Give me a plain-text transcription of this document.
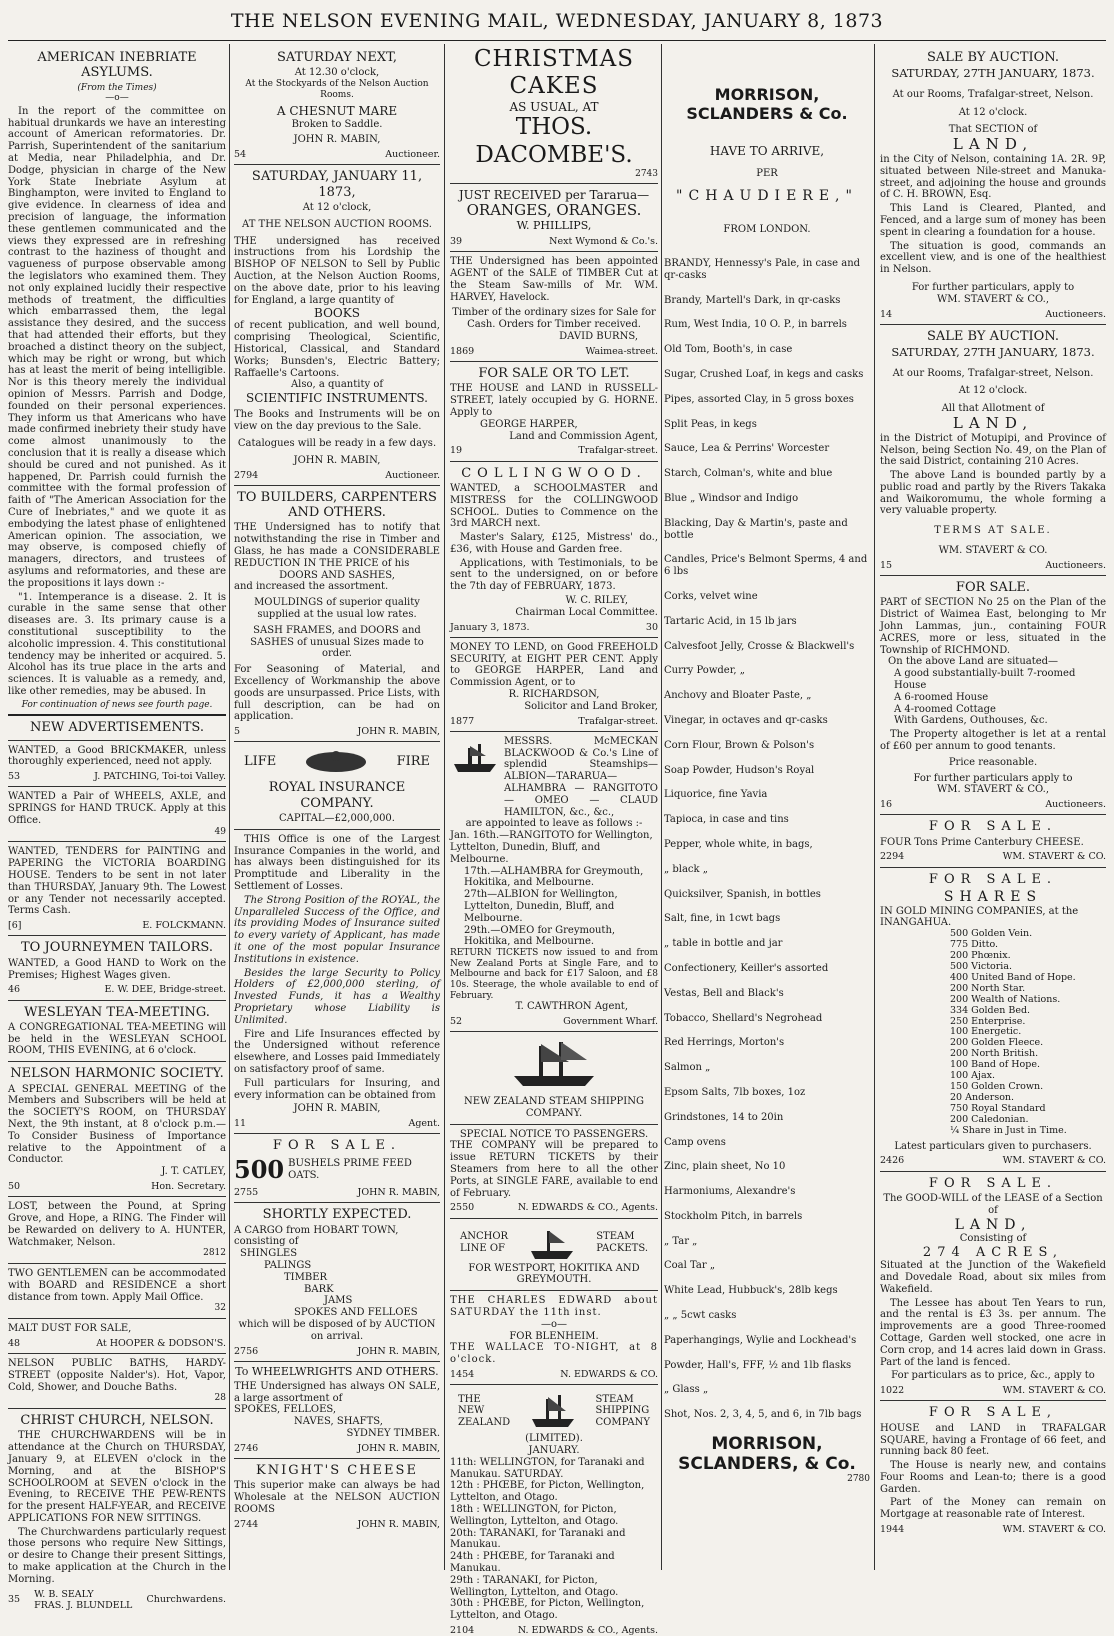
THE NELSON EVENING MAIL, WEDNESDAY, JANUARY 8, 1873
AMERICAN INEBRIATE ASYLUMS.
(From the Times)
—o—
In the report of the committee on habitual drunkards we have an interesting account of American reformatories. Dr. Parrish, Superintendent of the sanitarium at Media, near Philadelphia, and Dr. Dodge, physician in charge of the New York State Inebriate Asylum at Binghampton, were invited to England to give evidence. In clearness of idea and precision of language, the information these gentlemen communicated and the views they expressed are in refreshing contrast to the haziness of thought and vagueness of purpose observable among the legislators who examined them. They not only explained lucidly their respective methods of treatment, the difficulties which embarrassed them, the legal assistance they desired, and the success that had attended their efforts, but they broached a distinct theory on the subject, which may be right or wrong, but which has at least the merit of being intelligible. Nor is this theory merely the individual opinion of Messrs. Parrish and Dodge, founded on their personal experiences. They inform us that Americans who have made confirmed inebriety their study have come almost unanimously to the conclusion that it is really a disease which should be cured and not punished. As it happened, Dr. Parrish could furnish the committee with the formal profession of faith of "The American Association for the Cure of Inebriates," and we quote it as embodying the latest phase of enlightened American opinion. The association, we may observe, is composed chiefly of managers, directors, and trustees of asylums and reformatories, and these are the propositions it lays down :-
"1. Intemperance is a disease. 2. It is curable in the same sense that other diseases are. 3. Its primary cause is a constitutional susceptibility to the alcoholic impression. 4. This constitutional tendency may be inherited or acquired. 5. Alcohol has its true place in the arts and sciences. It is valuable as a remedy, and, like other remedies, may be abused. In
For continuation of news see fourth page.
NEW ADVERTISEMENTS.
WANTED, a Good BRICKMAKER, unless thoroughly experienced, need not apply.
53	J. PATCHING, Toi-toi Valley.
WANTED a Pair of WHEELS, AXLE, and SPRINGS for HAND TRUCK. Apply at this Office.
49
WANTED, TENDERS for PAINTING and PAPERING the VICTORIA BOARDING HOUSE. Tenders to be sent in not later than THURSDAY, January 9th. The Lowest or any Tender not necessarily accepted. Terms Cash.
[6]	E. FOLCKMANN.
TO JOURNEYMEN TAILORS.
WANTED, a Good HAND to Work on the Premises; Highest Wages given.
46	E. W. DEE, Bridge-street.
WESLEYAN TEA-MEETING.
A CONGREGATIONAL TEA-MEETING will be held in the WESLEYAN SCHOOL ROOM, THIS EVENING, at 6 o'clock.
NELSON HARMONIC SOCIETY.
A SPECIAL GENERAL MEETING of the Members and Subscribers will be held at the SOCIETY'S ROOM, on THURSDAY Next, the 9th instant, at 8 o'clock p.m.— To Consider Business of Importance relative to the Appointment of a Conductor.
J. T. CATLEY,
50	Hon. Secretary.
LOST, between the Pound, at Spring Grove, and Hope, a RING. The Finder will be Rewarded on delivery to A. HUNTER, Watchmaker, Nelson.
2812
TWO GENTLEMEN can be accommodated with BOARD and RESIDENCE a short distance from town. Apply Mail Office.
32
MALT DUST FOR SALE,
48	At HOOPER & DODSON'S.
NELSON PUBLIC BATHS, HARDY-STREET (opposite Nalder's). Hot, Vapor, Cold, Shower, and Douche Baths.
28
CHRIST CHURCH, NELSON.
THE CHURCHWARDENS will be in attendance at the Church on THURSDAY, January 9, at ELEVEN o'clock in the Morning, and at the BISHOP'S SCHOOLROOM at SEVEN o'clock in the Evening, to RECEIVE THE PEW-RENTS for the present HALF-YEAR, and RECEIVE APPLICATIONS FOR NEW SITTINGS.
The Churchwardens particularly request those persons who require New Sittings, or desire to Change their present Sittings, to make application at the Church in the Morning.
35
W. B. SEALY
FRAS. J. BLUNDELL
Churchwardens.
SATURDAY NEXT,
At 12.30 o'clock,
At the Stockyards of the Nelson Auction Rooms.
A CHESNUT MARE
Broken to Saddle.
JOHN R. MABIN,
54	Auctioneer.
SATURDAY, JANUARY 11, 1873,
At 12 o'clock,
AT THE NELSON AUCTION ROOMS.
THE undersigned has received instructions from his Lordship the BISHOP OF NELSON to Sell by Public Auction, at the Nelson Auction Rooms, on the above date, prior to his leaving for England, a large quantity of
BOOKS
of recent publication, and well bound, comprising Theological, Scientific, Historical, Classical, and Standard Works; Bunsden's, Electric Battery; Raffaelle's Cartoons.
Also, a quantity of
SCIENTIFIC INSTRUMENTS.
The Books and Instruments will be on view on the day previous to the Sale.
Catalogues will be ready in a few days.
JOHN R. MABIN,
2794	Auctioneer.
TO BUILDERS, CARPENTERS AND OTHERS.
THE Undersigned has to notify that notwithstanding the rise in Timber and Glass, he has made a CONSIDERABLE REDUCTION IN THE PRICE of his
DOORS AND SASHES,
and increased the assortment.
MOULDINGS of superior quality supplied at the usual low rates.
SASH FRAMES, and DOORS and SASHES of unusual Sizes made to order.
For Seasoning of Material, and Excellency of Workmanship the above goods are unsurpassed. Price Lists, with full description, can be had on application.
5	JOHN R. MABIN,
LIFE	FIRE
ROYAL INSURANCE COMPANY.
CAPITAL—£2,000,000.
THIS Office is one of the Largest Insurance Companies in the world, and has always been distinguished for its Promptitude and Liberality in the Settlement of Losses.
The Strong Position of the ROYAL, the Unparalleled Success of the Office, and its providing Modes of Insurance suited to every variety of Applicant, has made it one of the most popular Insurance Institutions in existence.
Besides the large Security to Policy Holders of £2,000,000 sterling, of Invested Funds, it has a Wealthy Proprietary whose Liability is Unlimited.
Fire and Life Insurances effected by the Undersigned without reference elsewhere, and Losses paid Immediately on satisfactory proof of same.
Full particulars for Insuring, and every information can be obtained from
JOHN R. MABIN,
11	Agent.
FOR SALE.
500 BUSHELS PRIME FEED OATS.
2755	JOHN R. MABIN,
SHORTLY EXPECTED.
A CARGO from HOBART TOWN, consisting of
SHINGLES
PALINGS
TIMBER
BARK
JAMS
SPOKES AND FELLOES
which will be disposed of by AUCTION on arrival.
2756	JOHN R. MABIN,
To WHEELWRIGHTS AND OTHERS.
THE Undersigned has always ON SALE, a large assortment of
SPOKES, FELLOES,
NAVES, SHAFTS,
SYDNEY TIMBER.
2746	JOHN R. MABIN,
KNIGHT'S CHEESE
This superior make can always be had Wholesale at the NELSON AUCTION ROOMS
2744	JOHN R. MABIN,
CHRISTMAS CAKES
AS USUAL, AT
THOS. DACOMBE'S.
2743
JUST RECEIVED per Tararua—
ORANGES, ORANGES.
W. PHILLIPS,
39	Next Wymond & Co.'s.
THE Undersigned has been appointed AGENT of the SALE of TIMBER Cut at the Steam Saw-mills of Mr. WM. HARVEY, Havelock.
Timber of the ordinary sizes for Sale for Cash. Orders for Timber received.
DAVID BURNS,
1869	Waimea-street.
FOR SALE OR TO LET.
THE HOUSE and LAND in RUSSELL-STREET, lately occupied by G. HORNE. Apply to
GEORGE HARPER,
Land and Commission Agent,
19	Trafalgar-street.
COLLINGWOOD.
WANTED, a SCHOOLMASTER and MISTRESS for the COLLINGWOOD SCHOOL. Duties to Commence on the 3rd MARCH next.
Master's Salary, £125, Mistress' do., £36, with House and Garden free.
Applications, with Testimonials, to be sent to the undersigned, on or before the 7th day of FEBRUARY, 1873.
W. C. RILEY,
Chairman Local Committee.
January 3, 1873.	30
MONEY TO LEND, on Good FREEHOLD SECURITY, at EIGHT PER CENT. Apply to GEORGE HARPER, Land and Commission Agent, or to
R. RICHARDSON,
Solicitor and Land Broker,
1877	Trafalgar-street.
MESSRS. McMECKAN BLACKWOOD & Co.'s Line of splendid Steamships— ALBION—TARARUA—ALHAMBRA — RANGITOTO — OMEO — CLAUD HAMILTON, &c., &c.,
are appointed to leave as follows :-
Jan. 16th.—RANGITOTO for Wellington, Lyttelton, Dunedin, Bluff, and Melbourne.
17th.—ALHAMBRA for Greymouth, Hokitika, and Melbourne.
27th—ALBION for Wellington, Lyttelton, Dunedin, Bluff, and Melbourne.
29th.—OMEO for Greymouth, Hokitika, and Melbourne.
RETURN TICKETS now issued to and from New Zealand Ports at Single Fare, and to Melbourne and back for £17 Saloon, and £8 10s. Steerage, the whole available to end of February.
T. CAWTHRON Agent,
52	Government Wharf.
NEW ZEALAND STEAM SHIPPING COMPANY.
SPECIAL NOTICE TO PASSENGERS.
THE COMPANY will be prepared to issue RETURN TICKETS by their Steamers from here to all the other Ports, at SINGLE FARE, available to end of February.
2550	N. EDWARDS & CO., Agents.
ANCHOR
LINE OF
STEAM
PACKETS.
FOR WESTPORT, HOKITIKA AND GREYMOUTH.
THE CHARLES EDWARD about SATURDAY the 11th inst.
—o—
FOR BLENHEIM.
THE WALLACE TO-NIGHT, at 8 o'clock.
1454	N. EDWARDS & CO.
THE
NEW
ZEALAND
STEAM
SHIPPING
COMPANY
(LIMITED).
JANUARY.
11th: WELLINGTON, for Taranaki and Manukau. SATURDAY.
12th : PHŒBE, for Picton, Wellington, Lyttelton, and Otago.
18th : WELLINGTON, for Picton, Wellington, Lyttelton, and Otago.
20th: TARANAKI, for Taranaki and Manukau.
24th : PHŒBE, for Taranaki and Manukau.
29th : TARANAKI, for Picton, Wellington, Lyttelton, and Otago.
30th : PHŒBE, for Picton, Wellington, Lyttelton, and Otago.
2104	N. EDWARDS & CO., Agents.
MORRISON, SCLANDERS & Co.
HAVE TO ARRIVE,
PER
"CHAUDIERE,"
FROM LONDON.
BRANDY, Hennessy's Pale, in case and qr-casks
Brandy, Martell's Dark, in qr-casks
Rum, West India, 10 O. P., in barrels
Old Tom, Booth's, in case
Sugar, Crushed Loaf, in kegs and casks
Pipes, assorted Clay, in 5 gross boxes
Split Peas, in kegs
Sauce, Lea & Perrins' Worcester
Starch, Colman's, white and blue
Blue „ Windsor and Indigo
Blacking, Day & Martin's, paste and bottle
Candles, Price's Belmont Sperms, 4 and 6 lbs
Corks, velvet wine
Tartaric Acid, in 15 lb jars
Calvesfoot Jelly, Crosse & Blackwell's
Curry Powder, „
Anchovy and Bloater Paste, „
Vinegar, in octaves and qr-casks
Corn Flour, Brown & Polson's
Soap Powder, Hudson's Royal
Liquorice, fine Yavia
Tapioca, in case and tins
Pepper, whole white, in bags,
„ black „
Quicksilver, Spanish, in bottles
Salt, fine, in 1cwt bags
„ table in bottle and jar
Confectionery, Keiller's assorted
Vestas, Bell and Black's
Tobacco, Shellard's Negrohead
Red Herrings, Morton's
Salmon „
Epsom Salts, 7lb boxes, 1oz
Grindstones, 14 to 20in
Camp ovens
Zinc, plain sheet, No 10
Harmoniums, Alexandre's
Stockholm Pitch, in barrels
„ Tar „
Coal Tar „
White Lead, Hubbuck's, 28lb kegs
„ „ 5cwt casks
Paperhangings, Wylie and Lockhead's
Powder, Hall's, FFF, ½ and 1lb flasks
„ Glass „
Shot, Nos. 2, 3, 4, 5, and 6, in 7lb bags
MORRISON, SCLANDERS, & Co.
2780
SALE BY AUCTION.
SATURDAY, 27TH JANUARY, 1873.
At our Rooms, Trafalgar-street, Nelson.
At 12 o'clock.
That SECTION of
LAND,
in the City of Nelson, containing 1A. 2R. 9P, situated between Nile-street and Manuka-street, and adjoining the house and grounds of C. H. BROWN, Esq.
This Land is Cleared, Planted, and Fenced, and a large sum of money has been spent in clearing a foundation for a house.
The situation is good, commands an excellent view, and is one of the healthiest in Nelson.
For further particulars, apply to
WM. STAVERT & CO.,
14	Auctioneers.
SALE BY AUCTION.
SATURDAY, 27TH JANUARY, 1873.
At our Rooms, Trafalgar-street, Nelson.
At 12 o'clock.
All that Allotment of
LAND,
in the District of Motupipi, and Province of Nelson, being Section No. 49, on the Plan of the said District, containing 210 Acres.
The above Land is bounded partly by a public road and partly by the Rivers Takaka and Waikoromumu, the whole forming a very valuable property.
TERMS AT SALE.
WM. STAVERT & CO.
15	Auctioneers.
FOR SALE.
PART of SECTION No 25 on the Plan of the District of Waimea East, belonging to Mr John Lammas, jun., containing FOUR ACRES, more or less, situated in the Township of RICHMOND.
On the above Land are situated—
A good substantially-built 7-roomed House
A 6-roomed House
A 4-roomed Cottage
With Gardens, Outhouses, &c.
The Property altogether is let at a rental of £60 per annum to good tenants.
Price reasonable.
For further particulars apply to
WM. STAVERT & CO.,
16	Auctioneers.
FOR SALE.
FOUR Tons Prime Canterbury CHEESE.
2294	WM. STAVERT & CO.
FOR SALE.
SHARES
IN GOLD MINING COMPANIES, at the INANGAHUA.
500 Golden Vein.
775 Ditto.
200 Phœnix.
500 Victoria.
400 United Band of Hope.
200 North Star.
200 Wealth of Nations.
334 Golden Bed.
250 Enterprise.
100 Energetic.
200 Golden Fleece.
200 North British.
100 Band of Hope.
100 Ajax.
150 Golden Crown.
20 Anderson.
750 Royal Standard
200 Caledonian.
¼ Share in Just in Time.
Latest particulars given to purchasers.
2426	WM. STAVERT & CO.
FOR SALE.
The GOOD-WILL of the LEASE of a Section of
LAND,
Consisting of
274 ACRES,
Situated at the Junction of the Wakefield and Dovedale Road, about six miles from Wakefield.
The Lessee has about Ten Years to run, and the rental is £3 3s. per annum. The improvements are a good Three-roomed Cottage, Garden well stocked, one acre in Corn crop, and 14 acres laid down in Grass. Part of the land is fenced.
For particulars as to price, &c., apply to
1022	WM. STAVERT & CO.
FOR SALE,
HOUSE and LAND in TRAFALGAR SQUARE, having a Frontage of 66 feet, and running back 80 feet.
The House is nearly new, and contains Four Rooms and Lean-to; there is a good Garden.
Part of the Money can remain on Mortgage at reasonable rate of Interest.
1944	WM. STAVERT & CO.
